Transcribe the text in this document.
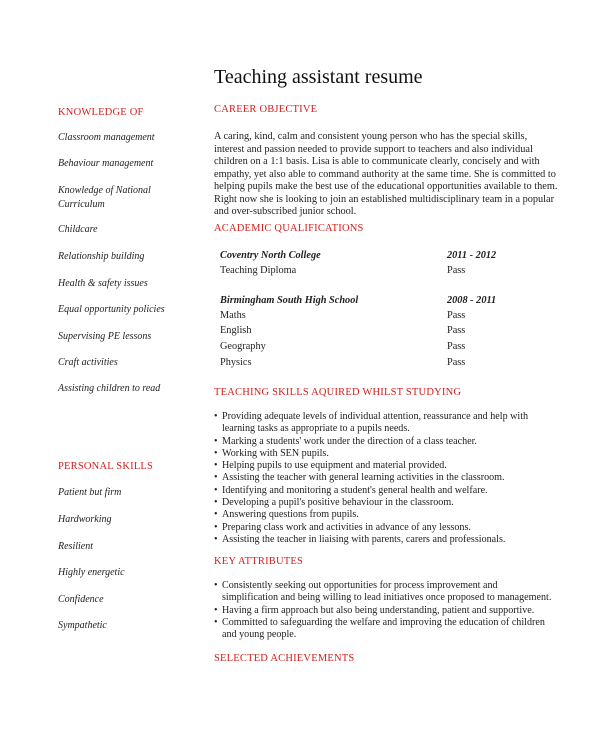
Teaching assistant resume
KNOWLEDGE OF
Classroom management
Behaviour management
Knowledge of National Curriculum
Childcare
Relationship building
Health & safety issues
Equal opportunity policies
Supervising PE lessons
Craft activities
Assisting children to read
PERSONAL SKILLS
Patient but firm
Hardworking
Resilient
Highly energetic
Confidence
Sympathetic
CAREER OBJECTIVE

A caring, kind, calm and consistent young person who has the special skills, interest and passion needed to provide support to teachers and also individual children on a 1:1 basis. Lisa is able to communicate clearly, concisely and with empathy, yet also able to command authority at the same time. She is committed to helping pupils make the best use of the educational opportunities available to them. Right now she is looking to join an established multidisciplinary team in a popular and over-subscribed junior school.

ACADEMIC QUALIFICATIONS
Coventry North College	2011 - 2012
Teaching Diploma	Pass
Birmingham South High School	2008 - 2011
Maths	Pass
English	Pass
Geography	Pass
Physics	Pass
TEACHING SKILLS AQUIRED WHILST STUDYING
• Providing adequate levels of individual attention, reassurance and help with learning tasks as appropriate to a pupils needs.
• Marking a students' work under the direction of a class teacher.
• Working with SEN pupils.
• Helping pupils to use equipment and material provided.
• Assisting the teacher with general learning activities in the classroom.
• Identifying and monitoring a student's general health and welfare.
• Developing a pupil's positive behaviour in the classroom.
• Answering questions from pupils.
• Preparing class work and activities in advance of any lessons.
• Assisting the teacher in liaising with parents, carers and professionals.
KEY ATTRIBUTES
• Consistently seeking out opportunities for process improvement and simplification and being willing to lead initiatives once proposed to management.
• Having a firm approach but also being understanding, patient and supportive.
• Committed to safeguarding the welfare and improving the education of children and young people.
SELECTED ACHIEVEMENTS
